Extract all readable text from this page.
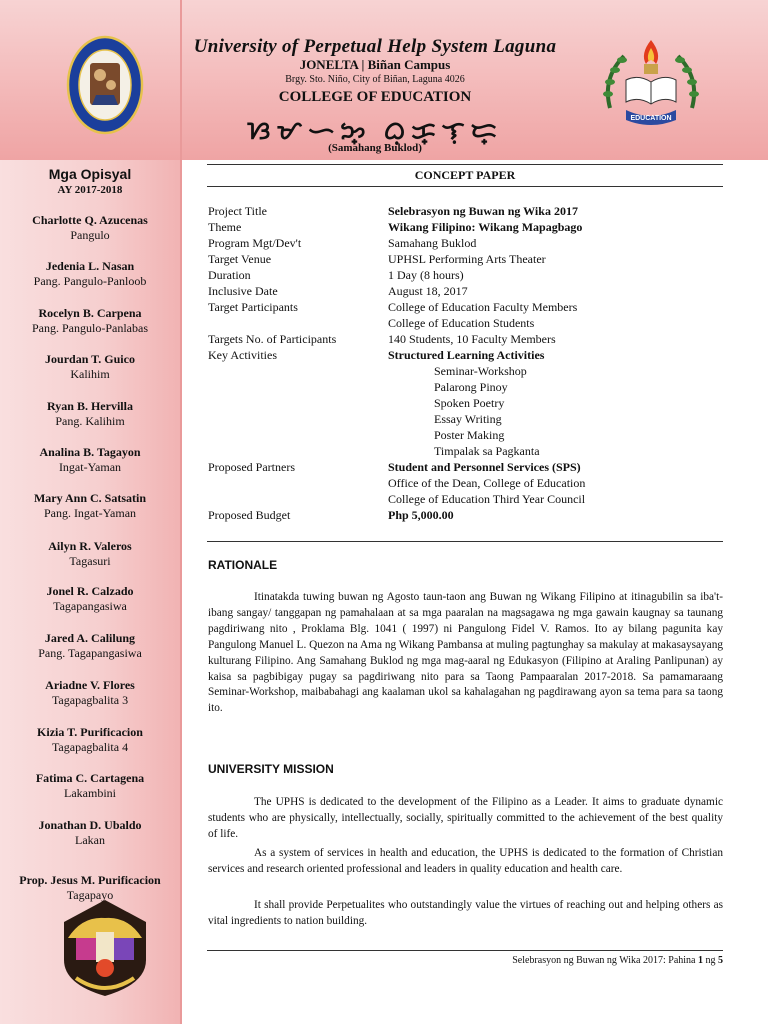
EDUCATION
University of Perpetual Help System Laguna
JONELTA | Biñan Campus
Brgy. Sto. Niño, City of Biñan, Laguna 4026
COLLEGE OF EDUCATION
ᜐᜋᜑᜅ᜔ ᜊᜓᜃ᜔ᜎᜓᜇ᜔
(Samahang Buklod)
Mga Opisyal
AY 2017-2018
Charlotte Q. Azucenas
Pangulo
Jedenia L. Nasan
Pang. Pangulo-Panloob
Rocelyn B. Carpena
Pang. Pangulo-Panlabas
Jourdan T. Guico
Kalihim
Ryan B. Hervilla
Pang. Kalihim
Analina B. Tagayon
Ingat-Yaman
Mary Ann C. Satsatin
Pang. Ingat-Yaman
Ailyn R. Valeros
Tagasuri
Jonel R. Calzado
Tagapangasiwa
Jared A. Calilung
Pang. Tagapangasiwa
Ariadne V. Flores
Tagapagbalita 3
Kizia T. Purificacion
Tagapagbalita 4
Fatima C. Cartagena
Lakambini
Jonathan D. Ubaldo
Lakan
Prop. Jesus M. Purificacion
Tagapayo
CONCEPT PAPER
Project Title	Selebrasyon ng Buwan ng Wika 2017
Theme	Wikang Filipino: Wikang Mapagbago
Program Mgt/Dev't	Samahang Buklod
Target Venue	UPHSL Performing Arts Theater
Duration	1 Day (8 hours)
Inclusive Date	August 18, 2017
Target Participants	College of Education Faculty Members
College of Education Students
Targets No. of Participants	140 Students, 10 Faculty Members
Key Activities	Structured Learning Activities
Seminar-Workshop
Palarong Pinoy
Spoken Poetry
Essay Writing
Poster Making
Timpalak sa Pagkanta
Proposed Partners	Student and Personnel Services (SPS)
Office of the Dean, College of Education
College of Education Third Year Council
Proposed Budget	Php 5,000.00
RATIONALE
Itinatakda tuwing buwan ng Agosto taun-taon ang Buwan ng Wikang Filipino at itinagubilin sa iba't-ibang sangay/ tanggapan ng pamahalaan at sa mga paaralan na magsagawa ng mga gawain kaugnay sa taunang pagdiriwang nito , Proklama Blg. 1041 ( 1997) ni Pangulong Fidel V. Ramos. Ito ay bilang pagunita kay Pangulong Manuel L. Quezon na Ama ng Wikang Pambansa at muling pagtunghay sa makulay at makasaysayang kulturang Filipino. Ang Samahang Buklod ng mga mag-aaral ng Edukasyon (Filipino at Araling Panlipunan) ay kaisa sa pagbibigay pugay sa pagdiriwang nito para sa Taong Pampaaralan 2017-2018. Sa pamamaraang Seminar-Workshop, maibabahagi ang kaalaman ukol sa kahalagahan ng pagdirawang ayon sa tema para sa taong ito.
UNIVERSITY MISSION
The UPHS is dedicated to the development of the Filipino as a Leader. It aims to graduate dynamic students who are physically, intellectually, socially, spiritually committed to the achievement of the best quality of life.
As a system of services in health and education, the UPHS is dedicated to the formation of Christian services and research oriented professional and leaders in quality education and health care.
It shall provide Perpetualites who outstandingly value the virtues of reaching out and helping others as vital ingredients to nation building.
Selebrasyon ng Buwan ng Wika 2017: Pahina 1 ng 5
